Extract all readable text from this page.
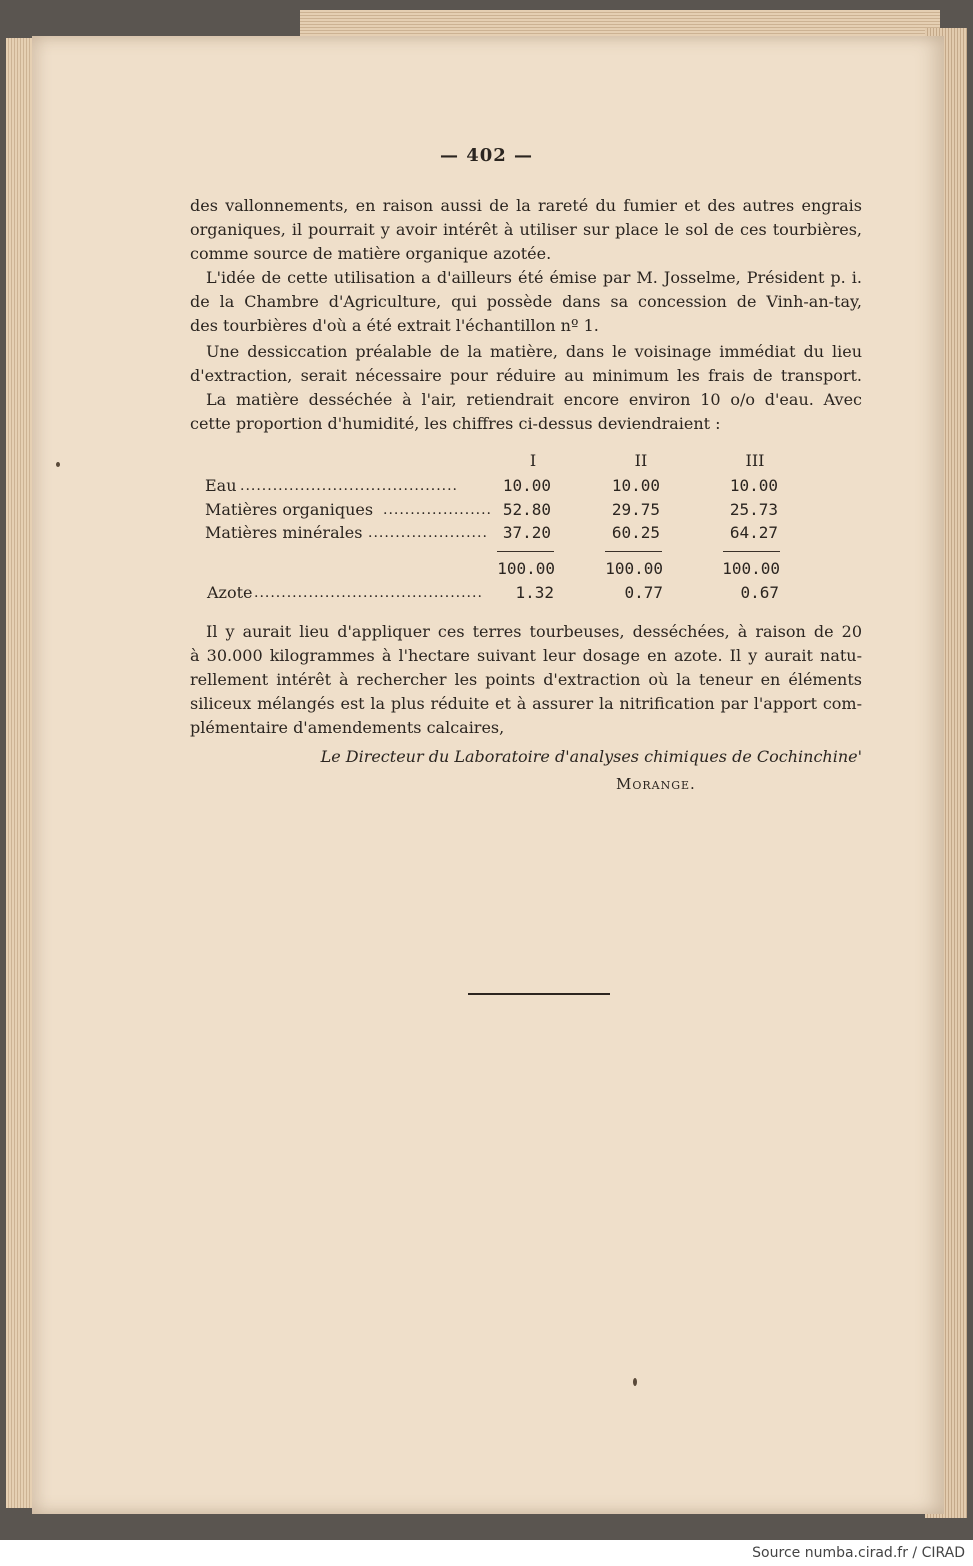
— 402 —
des vallonnements, en raison aussi de la rareté du fumier et des autres engrais
organiques, il pourrait y avoir intérêt à utiliser sur place le sol de ces tourbières,
comme source de matière organique azotée.
L'idée de cette utilisation a d'ailleurs été émise par M. Josselme, Président p. i.
de la Chambre d'Agriculture, qui possède dans sa concession de Vinh-an-tay,
des tourbières d'où a été extrait l'échantillon nº 1.
Une dessiccation préalable de la matière, dans le voisinage immédiat du lieu
d'extraction, serait nécessaire pour réduire au minimum les frais de transport.
La matière desséchée à l'air, retiendrait encore environ 10 o/o d'eau. Avec
cette proportion d'humidité, les chiffres ci-dessus deviendraient :
I	II	III
Eau ........................................	10.00	10.00	10.00
Matières organiques .................... 52.80	29.75	25.73
Matières minérales ...................... 37.20	60.25	64.27
100.00	100.00	100.00
Azote ..........................................	1.32	0.77	0.67
Il y aurait lieu d'appliquer ces terres tourbeuses, desséchées, à raison de 20
à 30.000 kilogrammes à l'hectare suivant leur dosage en azote. Il y aurait natu-
rellement intérêt à rechercher les points d'extraction où la teneur en éléments
siliceux mélangés est la plus réduite et à assurer la nitrification par l'apport com-
plémentaire d'amendements calcaires,
Le Directeur du Laboratoire d'analyses chimiques de Cochinchine'
Morange.
Source numba.cirad.fr / CIRAD
